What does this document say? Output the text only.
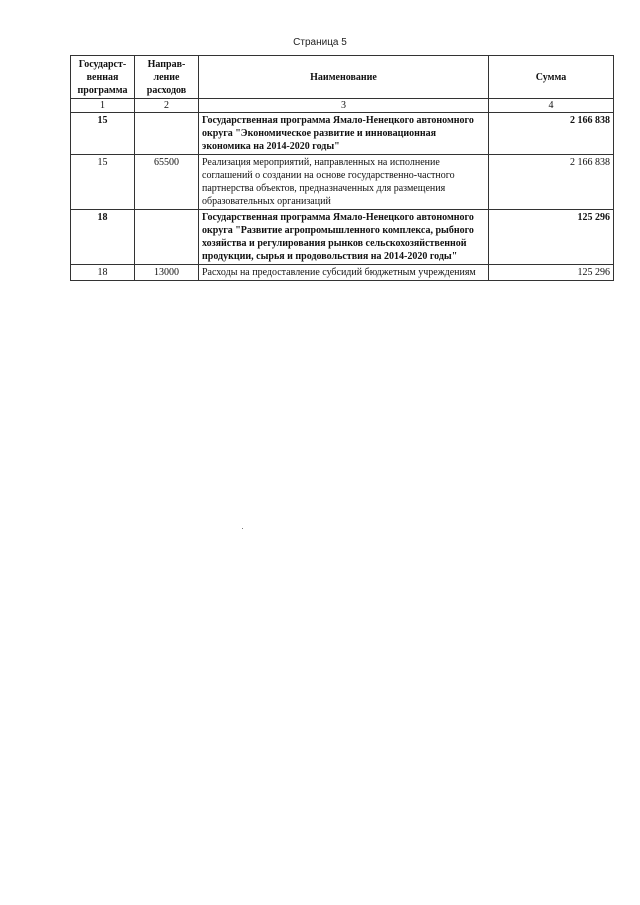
Страница 5
Государст-венная программа	Направ-ление расходов	Наименование	Сумма
1	2	3	4
15		Государственная программа Ямало-Ненецкого автономного округа "Экономическое развитие и инновационная экономика на 2014-2020 годы"	2 166 838
15	65500	Реализация мероприятий, направленных на исполнение соглашений о создании на основе государственно-частного партнерства объектов, предназначенных для размещения образовательных организаций	2 166 838
18		Государственная программа Ямало-Ненецкого автономного округа "Развитие агропромышленного комплекса, рыбного хозяйства и регулирования рынков сельскохозяйственной продукции, сырья и продовольствия на 2014-2020 годы"	125 296
18	13000	Расходы на предоставление субсидий бюджетным учреждениям	125 296
